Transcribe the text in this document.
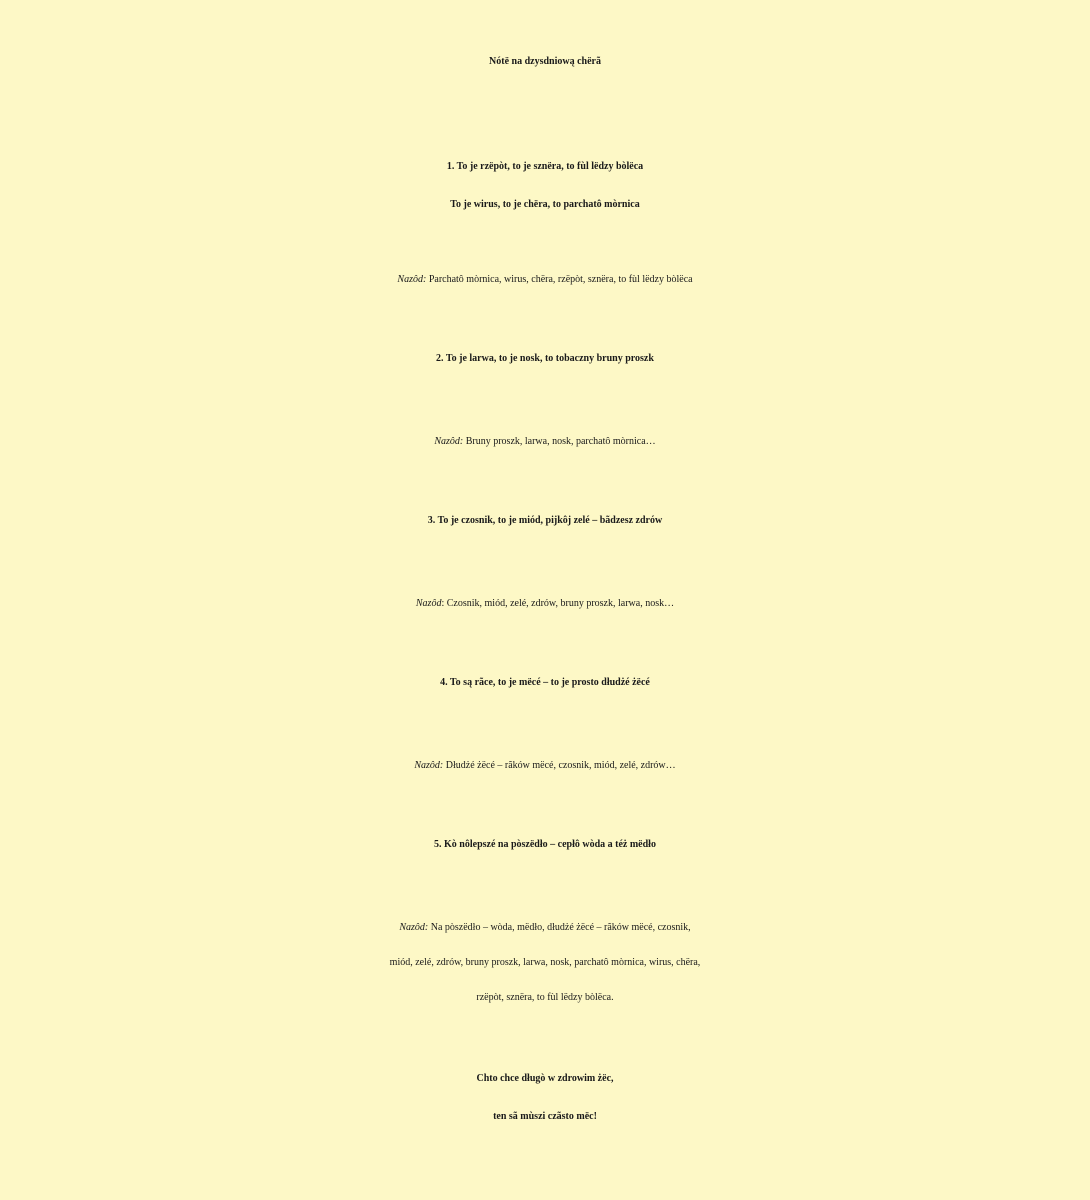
Nótë na dzysdniową chërã
1. To je rzëpòt, to je sznëra, to fùl lëdzy bòlëca
To je wirus, to je chëra, to parchatô mòrnica
Nazôd: Parchatô mòrnica, wirus, chëra, rzëpòt, sznëra, to fùl lëdzy bòlëca
2. To je larwa, to je nosk, to tobaczny bruny proszk
Nazôd: Bruny proszk, larwa, nosk, parchatô mòrnica…
3. To je czosnik, to je miód, pijkôj zelé – bãdzesz zdrów
Nazôd: Czosnik, miód, zelé, zdrów, bruny proszk, larwa, nosk…
4. To są rãce, to je mëcé – to je prosto dłudżé żëcé
Nazôd: Dłudżé żëcé – rãków mëcé, czosnik, miód, zelé, zdrów…
5. Kò nôlepszé na pòszëdło – cepłô wòda a téż mëdło
Nazôd: Na pòszëdło – wòda, mëdło, dłudżé żëcé – rãków mëcé, czosnik,
miód, zelé, zdrów, bruny proszk, larwa, nosk, parchatô mòrnica, wirus, chëra,
rzëpòt, sznëra, to fùl lëdzy bòlëca.
Chto chce długò w zdrowim żëc,
ten sã mùszi czãsto mëc!
